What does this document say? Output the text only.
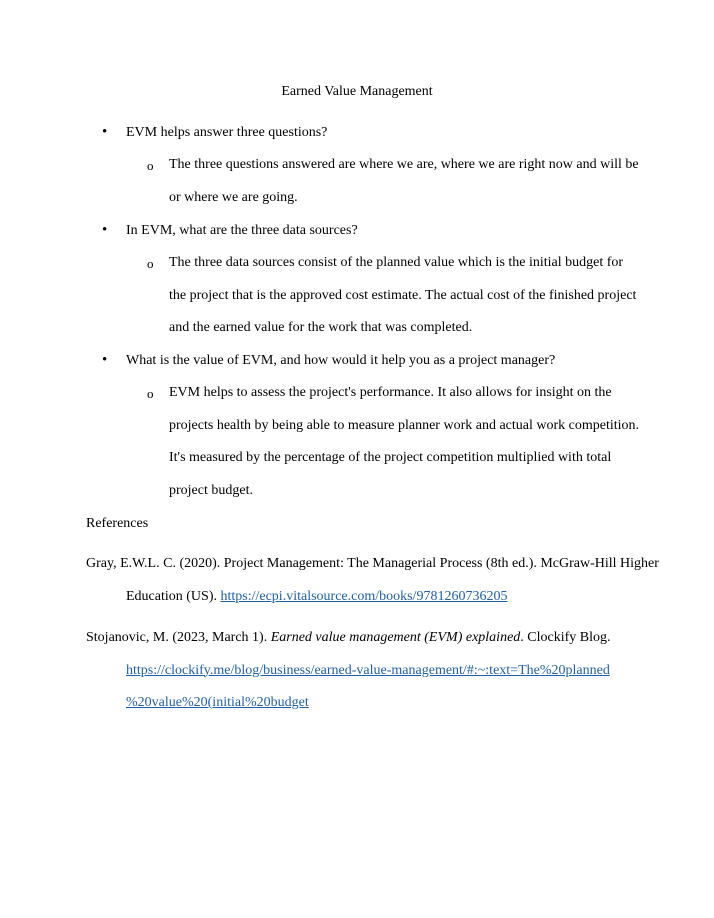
Earned Value Management
• EVM helps answer three questions?
o The three questions answered are where we are, where we are right now and will be or where we are going.
• In EVM, what are the three data sources?
o The three data sources consist of the planned value which is the initial budget for the project that is the approved cost estimate. The actual cost of the finished project and the earned value for the work that was completed.
• What is the value of EVM, and how would it help you as a project manager?
o EVM helps to assess the project's performance. It also allows for insight on the projects health by being able to measure planner work and actual work competition. It's measured by the percentage of the project competition multiplied with total project budget.
References
Gray, E.W.L. C. (2020). Project Management: The Managerial Process (8th ed.). McGraw-Hill Higher Education (US). https://ecpi.vitalsource.com/books/9781260736205
Stojanovic, M. (2023, March 1). Earned value management (EVM) explained. Clockify Blog.
https://clockify.me/blog/business/earned-value-management/#:~:text=The%20planned
%20value%20(initial%20budget
